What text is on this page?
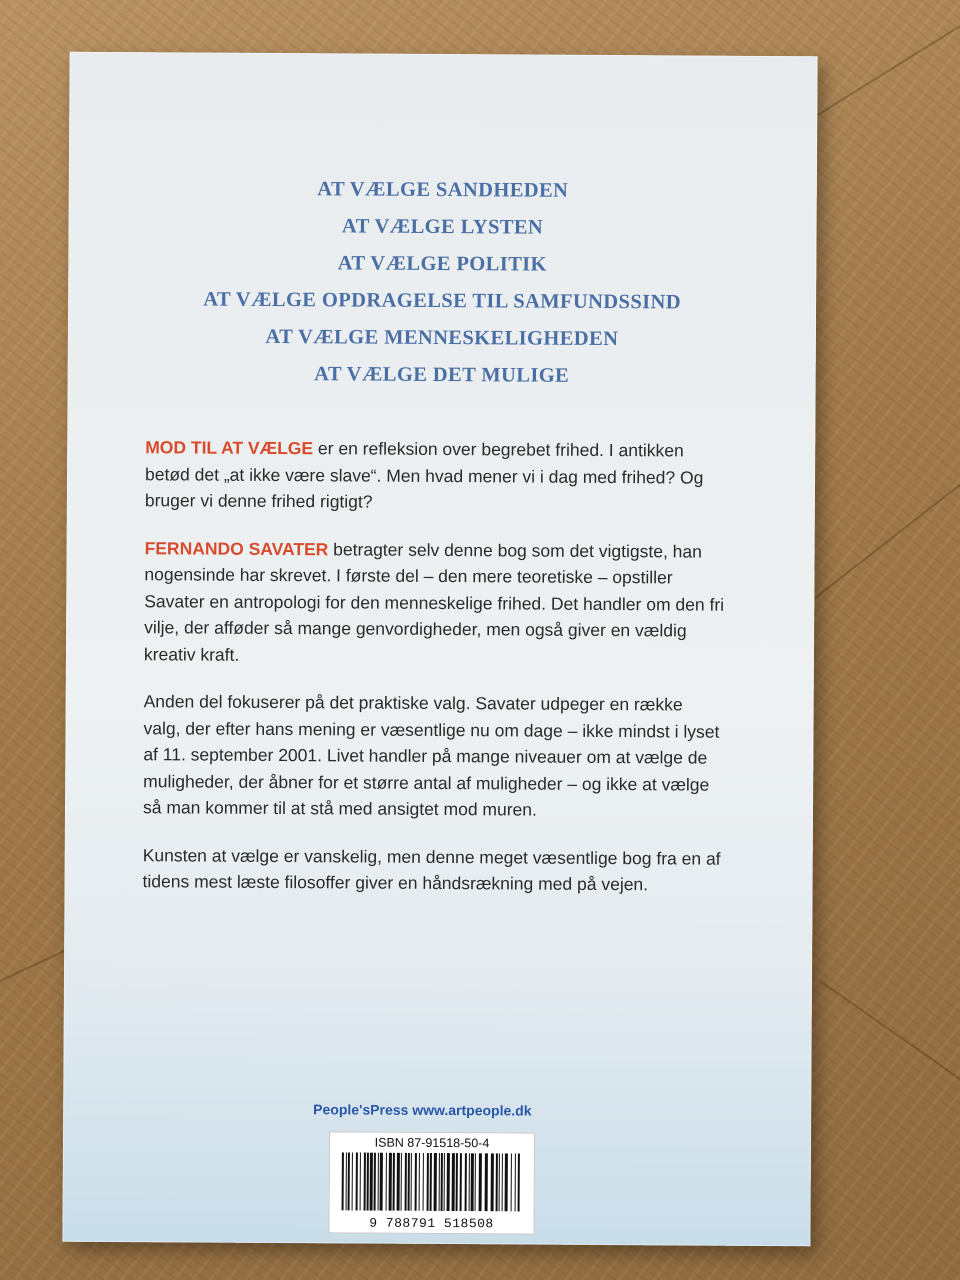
AT VÆLGE SANDHEDEN
AT VÆLGE LYSTEN
AT VÆLGE POLITIK
AT VÆLGE OPDRAGELSE TIL SAMFUNDSSIND
AT VÆLGE MENNESKELIGHEDEN
AT VÆLGE DET MULIGE

MOD TIL AT VÆLGE er en refleksion over begrebet frihed. I antikken betød det „at ikke være slave“. Men hvad mener vi i dag med frihed? Og bruger vi denne frihed rigtigt?

FERNANDO SAVATER betragter selv denne bog som det vigtigste, han nogensinde har skrevet. I første del – den mere teoretiske – opstiller Savater en antropologi for den menneskelige frihed. Det handler om den fri vilje, der afføder så mange genvordigheder, men også giver en vældig kreativ kraft.

Anden del fokuserer på det praktiske valg. Savater udpeger en række valg, der efter hans mening er væsentlige nu om dage – ikke mindst i lyset af 11. september 2001. Livet handler på mange niveauer om at vælge de muligheder, der åbner for et større antal af muligheder – og ikke at vælge så man kommer til at stå med ansigtet mod muren.

Kunsten at vælge er vanskelig, men denne meget væsentlige bog fra en af tidens mest læste filosoffer giver en håndsrækning med på vejen.

People'sPress www.artpeople.dk
ISBN 87-91518-50-4
9 788791 518508
